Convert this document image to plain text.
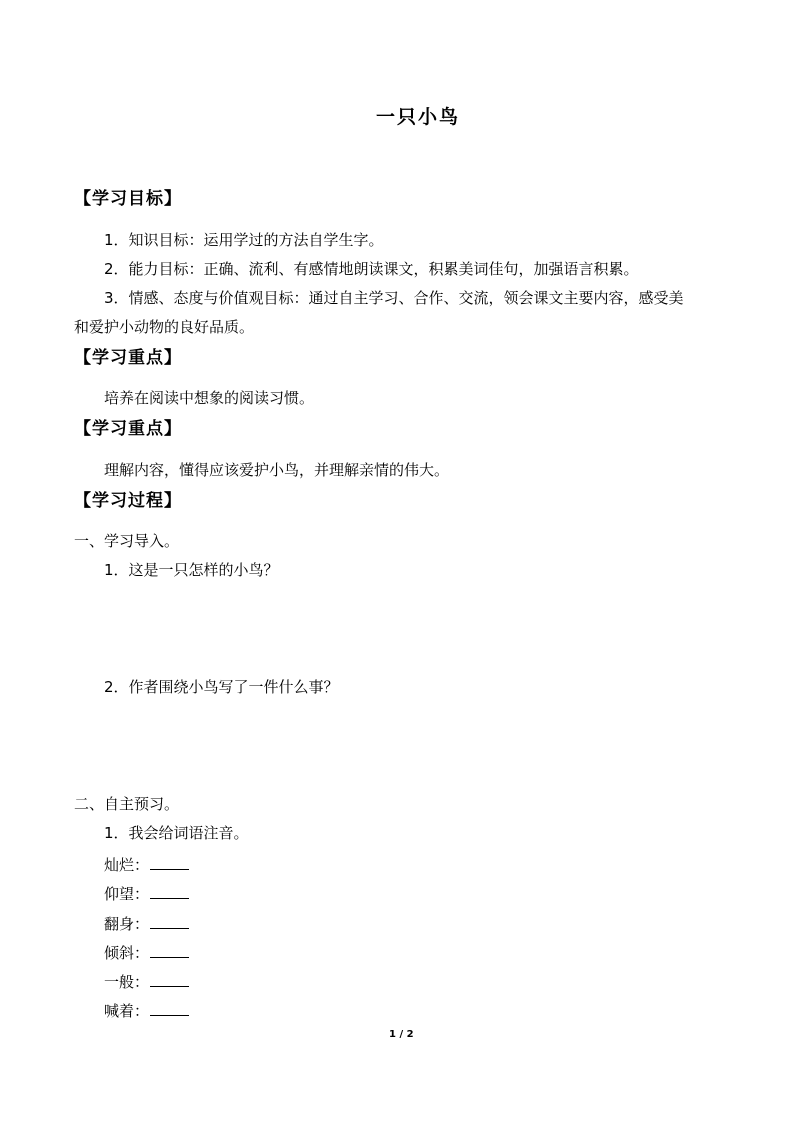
一只小鸟
【学习目标】
1．知识目标：运用学过的方法自学生字。
2．能力目标：正确、流利、有感情地朗读课文，积累美词佳句，加强语言积累。
3．情感、态度与价值观目标：通过自主学习、合作、交流，领会课文主要内容，感受美
和爱护小动物的良好品质。
【学习重点】
培养在阅读中想象的阅读习惯。
【学习重点】
理解内容，懂得应该爱护小鸟，并理解亲情的伟大。
【学习过程】
一、学习导入。
1．这是一只怎样的小鸟？
2．作者围绕小鸟写了一件什么事？
二、自主预习。
1．我会给词语注音。
灿烂：
仰望：
翻身：
倾斜：
一般：
喊着：
1 / 2
